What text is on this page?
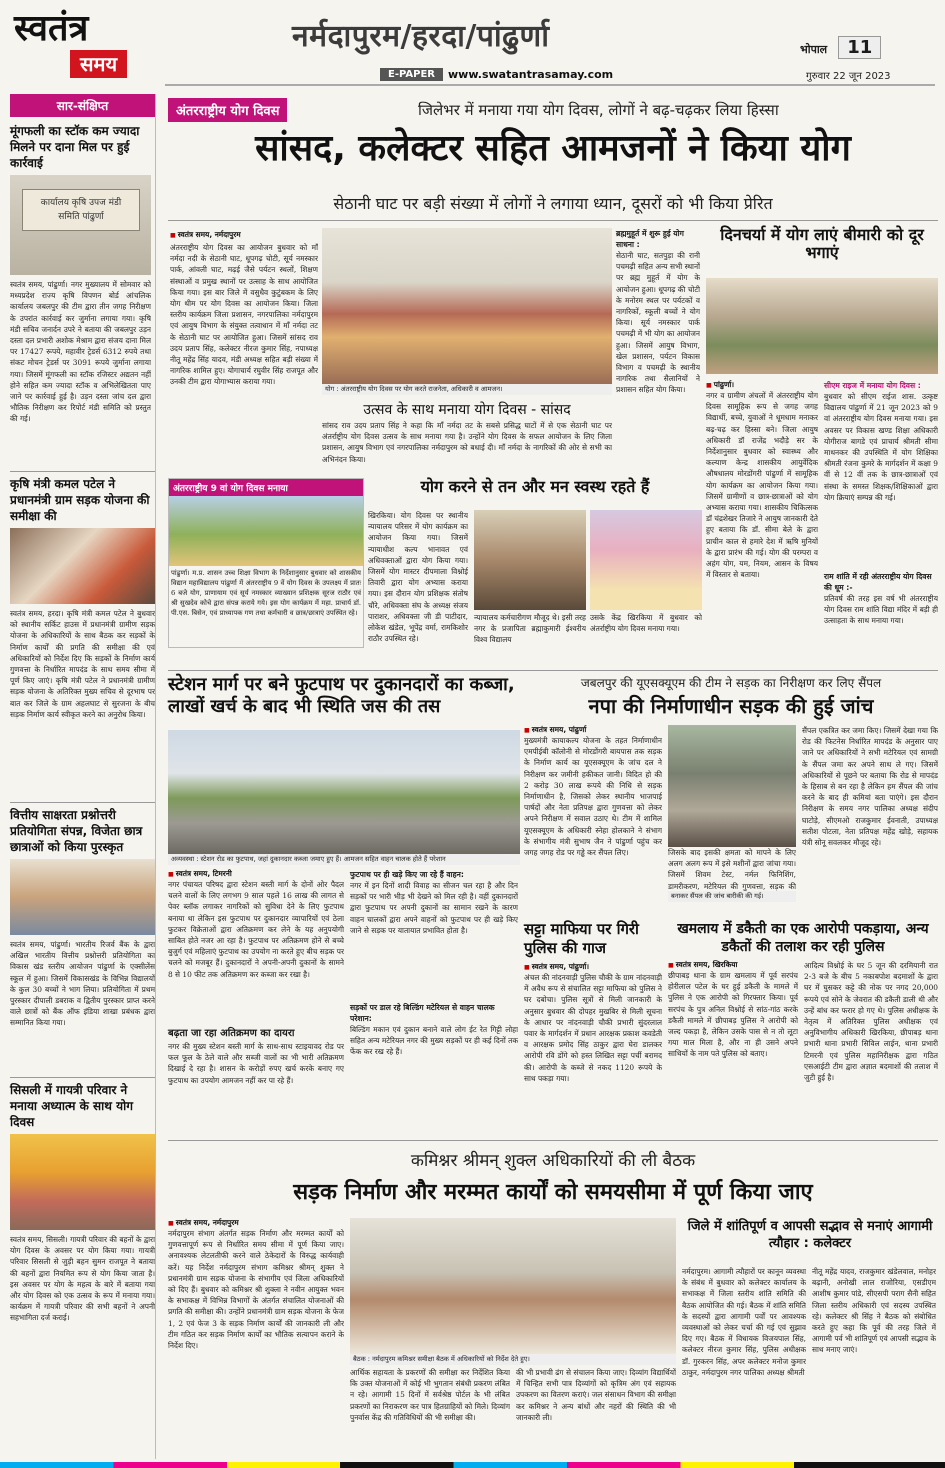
स्वतंत्र
समय
नर्मदापुरम/हरदा/पांढुर्णा
E-PAPER	www.swatantrasamay.com
भोपाल 11
गुरुवार 22 जून 2023
सार-संक्षिप्त
मूंगफली का स्टॉक कम ज्यादा मिलने पर दाना मिल पर हुई कार्रवाई
कार्यालय कृषि उपज मंडी समिति पांढुर्णा
स्वतंत्र समय, पांढुर्णा। नगर मुख्यालय में सोमवार को मध्यप्रदेश राज्य कृषि विपणन बोर्ड आंचलिक कार्यालय जबलपुर की टीम द्वारा तीन जगह निरीक्षण के उपरांत कार्रवाई कर जुर्माना लगाया गया। कृषि मंडी सचिव जनार्दन उपरे ने बताया की जबलपुर उड़न दस्ता दल प्रभारी अशोक मेश्राम द्वारा संजय दाना मिल पर 17427 रूपये, महावीर ट्रेडर्स 6312 रुपये तथा संकट मोचन ट्रेडर्स पर 3091 रूपये जुर्माना लगाया गया। जिसमें मूंगफली का स्टॉक रजिस्टर अद्यतन नहीं होने सहित कम ज्यादा स्टॉक व अभिलेखितता पाए जाने पर कार्रवाई हुई है। उड़न दस्ता जांच दल द्वारा भौतिक निरीक्षण कर रिपोर्ट मंडी समिति को प्रस्तुत की गई।
कृषि मंत्री कमल पटेल ने प्रधानमंत्री ग्राम सड़क योजना की समीक्षा की
स्वतंत्र समय, हरदा। कृषि मंत्री कमल पटेल ने बुधवार को स्थानीय सर्किट हाउस में प्रधानमंत्री ग्रामीण सड़क योजना के अधिकारियों के साथ बैठक कर सड़कों के निर्माण कार्यों की प्रगति की समीक्षा की एवं अधिकारियों को निर्देश दिए कि सड़कों के निर्माण कार्य गुणवत्ता के निर्धारित मापदंड के साथ समय सीमा में पूर्ण किए जाएं। कृषि मंत्री पटेल ने प्रधानमंत्री ग्रामीण सड़क योजना के अतिरिक्त मुख्य सचिव से दूरभाष पर बात कर जिले के ग्राम अहलघाट से सुरजना के बीच सड़क निर्माण कार्य स्वीकृत करने का अनुरोध किया।
वित्तीय साक्षरता प्रश्नोत्तरी प्रतियोगिता संपन्न, विजेता छात्र छात्राओं को किया पुरस्कृत
स्वतंत्र समय, पांढुर्णा। भारतीय रिजर्व बैंक के द्वारा अखिल भारतीय वित्तीय प्रश्नोत्तरी प्रतियोगिता का विकास खंड स्तरीय आयोजन पांढुर्णा के एक्सीलेंस स्कूल में हुआ। जिसमें विकासखंड के विभिन्न विद्यालयों के कुल 30 बच्चों ने भाग लिया। प्रतियोगिता में प्रथम पुरस्कार दीपाली डबराक व द्वितीय पुरस्कार प्राप्त करने वाले छात्रों को बैंक ऑफ इंडिया शाखा प्रबंधक द्वारा सम्मानित किया गया।
सिसली में गायत्री परिवार ने मनाया अध्यात्म के साथ योग दिवस
स्वतंत्र समय, सिसली। गायत्री परिवार की बहनों के द्वारा योग दिवस के अवसर पर योग किया गया। गायत्री परिवार सिसली से जुड़ी बहन सुमन राजपूत ने बताया की बहनों द्वारा नियमित रूप से योग किया जाता है। इस अवसर पर योग के महत्व के बारे में बताया गया और योग दिवस को एक उत्सव के रूप में मनाया गया। कार्यक्रम में गायत्री परिवार की सभी बहनों ने अपनी सहभागिता दर्ज कराई।
अंतरराष्ट्रीय योग दिवस	जिलेभर में मनाया गया योग दिवस, लोगों ने बढ़-चढ़कर लिया हिस्सा
सांसद, कलेक्टर सहित आमजनों ने किया योग
सेठानी घाट पर बड़ी संख्या में लोगों ने लगाया ध्यान, दूसरों को भी किया प्रेरित
■ स्वतंत्र समय, नर्मदापुरम
अंतरराष्ट्रीय योग दिवस का आयोजन बुधवार को माँ नर्मदा नदी के सेठानी घाट, धूपगढ़ चोटी, सूर्य नमस्कार पार्क, आंवली घाट, मढ़ई जैसे पर्यटन स्थलों, शिक्षण संस्थाओं व प्रमुख स्थानों पर उत्साह के साथ आयोजित किया गया। इस बार जिले में वसुधैव कुटुंबकम के लिए योग थीम पर योग दिवस का आयोजन किया। जिला स्तरीय कार्यक्रम जिला प्रशासन, नगरपालिका नर्मदापुरम एवं आयुष विभाग के संयुक्त तत्वाधान में माँ नर्मदा तट के सेठानी घाट पर आयोजित हुआ। जिसमें सांसद राव उदय प्रताप सिंह, कलेक्टर नीरज कुमार सिंह, नपाध्यक्ष नीतू महेंद्र सिंह यादव, मंडी अध्यक्ष सहित बड़ी संख्या में नागरिक शामिल हुए। योगाचार्य रघुवीर सिंह राजपूत और उनकी टीम द्वारा योगाभ्यास कराया गया।
योग : अंतरराष्ट्रीय योग दिवस पर योग करते राजनेता, अधिकारी व आमजन।
ब्रह्ममुहूर्त में शुरू हुई योग साधना :
सेठानी घाट, सतपुड़ा की रानी पचमढ़ी सहित अन्य सभी स्थानों पर ब्रह्म मुहूर्त में योग के आयोजन हुआ। धूपगढ़ की चोटी के मनोरम स्थल पर पर्यटकों व नागरिकों, स्कूली बच्चों ने योग किया। सूर्य नमस्कार पार्क पचमढ़ी में भी योग का आयोजन हुआ। जिसमें आयुष विभाग, खेल प्रशासन, पर्यटन विकास विभाग व पचमढ़ी के स्थानीय नागरिक तथा सैलानियों ने प्रशासन सहित योग किया।
उत्सव के साथ मनाया योग दिवस - सांसद
सांसद राव उदय प्रताप सिंह ने कहा कि माँ नर्मदा तट के सबसे प्रसिद्ध घाटों में से एक सेठानी घाट पर अंतर्राष्ट्रीय योग दिवस उत्सव के साथ मनाया गया है। उन्होंने योग दिवस के सफल आयोजन के लिए जिला प्रशासन, आयुष विभाग एवं नगरपालिका नर्मदापुरम को बधाई दी। माँ नर्मदा के नागरिकों की ओर से सभी का अभिनंदन किया।
दिनचर्या में योग लाएं बीमारी को दूर भगाएं
■ पांढुर्णा।
नगर व ग्रामीण अंचलों में अंतरराष्ट्रीय योग दिवस सामूहिक रूप से जगह जगह विद्यार्थी, बच्चे, युवाओं ने धूमधाम मनाकर बढ़-चढ़ कर हिस्सा बने। जिला आयुष अधिकारी डॉ राजेंद्र भदौड़े सर के निर्देशानुसार बुधवार को स्वास्थ्य और कल्याण केन्द्र शासकीय आयुर्वेदिक औषधालय मोरडोंगरी पांढुर्णा में सामूहिक योग कार्यक्रम का आयोजन किया गया। जिसमें ग्रामीणों व छात्र-छात्राओं को योग अभ्यास कराया गया। शासकीय चिकित्सक डॉ चंद्रशेखर तिजारे ने आयुष जानकारी देते हुए बताया कि डॉ. सीमा बेले के द्वारा प्राचीन काल से हमारे देश में ऋषि मुनियों के द्वारा प्रारंभ की गई। योग की परम्परा व अहंग योग, यम, नियम, आसन के विषय में विस्तार से बताया।
सीएम राइज में मनाया योग दिवस :
बुधवार को सीएम राईज शास. उत्कृष्ट विद्यालय पांढुर्णा में 21 जून 2023 को 9 वां अंतरराष्ट्रीय योग दिवस मनाया गया। इस अवसर पर विकास खण्ड शिक्षा अधिकारी योगीराज बागडे एवं प्राचार्य श्रीमती सीमा माथनकर की उपस्थिति में योग शिक्षिका श्रीमती रंजना कुमरे के मार्गदर्शन में कक्षा 9 वीं से 12 वीं तक के छात्र-छात्राओं एवं संस्था के समस्त शिक्षक/शिक्षिकाओं द्वारा योग क्रियाएं सम्पन्न की गई।
राम शांति में रही अंतरराष्ट्रीय योग दिवस की धूम :-
प्रतिवर्ष की तरह इस वर्ष भी अंतरराष्ट्रीय योग दिवस राम शांति विद्या मंदिर में बड़ी ही उत्साहता के साथ मनाया गया।
अंतरराष्ट्रीय 9 वां योग दिवस मनाया
पांढुर्णा। म.प्र. शासन उच्च शिक्षा विभाग के निर्देशानुसार बुधवार को शासकीय विद्यान महाविद्यालय पांढुर्णा में अंतरराष्ट्रीय 9 वें योग दिवस के उपलक्ष्य में प्रातः 6 बजे योग, प्राणायाम एवं सूर्य नमस्कार व्याख्यान प्रशिक्षक सूरज राठौर एवं श्री सुखदेव कोचे द्वारा संपन्न कराये गये। इस योग कार्यक्रम में महा. प्राचार्य डॉ. पी.एस. बिसेन, एवं प्राध्यापक गण तथा कर्मचारी व छात्र/छात्राएं उपस्थित रहे।
योग करने से तन और मन स्वस्थ रहते हैं
खिरकिया। योग दिवस पर स्थानीय न्यायालय परिसर में योग कार्यक्रम का आयोजन किया गया। जिसमें न्यायाधीश कल्प भानावत एवं अधिवक्ताओं द्वारा योग किया गया। जिसमें योग मास्टर दीपमाला विश्नोई तिवारी द्वारा योग अभ्यास कराया गया। इस दौरान योग प्रशिक्षक संतोष चौरे, अधिवक्ता संघ के अध्यक्ष संजय पाराशर, अधिवक्ता जी डी पाटीदार, लोकेश खंडेल, भूपेंद्र वर्मा, रामकिशोर राठौर उपस्थित रहे।
न्यायालय कर्मचारीगण मौजूद थे। इसी तरह नगर के प्रजापिता ब्रह्माकुमारी ईश्वरीय विश्व विद्यालय
उसके केंद्र खिरकिया में बुधवार को अंतर्राष्ट्रीय योग दिवस मनाया गया।
स्टेशन मार्ग पर बने फुटपाथ पर दुकानदारों का कब्जा, लाखों खर्च के बाद भी स्थिति जस की तस
अव्यवस्था : स्टेशन रोड का फुटपाथ, जहां दुकानदार कब्जा जमाए हुए हैं। आमजन सहित वाहन चालक होते हैं परेशान
■ स्वतंत्र समय, टिमरनी
नगर पंचायत परिषद द्वारा स्टेशन बस्ती मार्ग के दोनों ओर पैदल चलने वालों के लिए लगभग 9 साल पहले 16 लाख की लागत से पेवर ब्लॉक लगाकर नागरिकों को सुविधा देने के लिए फुटपाथ बनाया था लेकिन इस फुटपाथ पर दुकानदार व्यापारियों एवं ठेला फुटकर विक्रेताओं द्वारा अतिक्रमण कर लेने के यह अनुपयोगी साबित होते नजर आ रहा है। फुटपाथ पर अतिक्रमण होने से बच्चे बुजुर्ग एवं महिलाएं फुटपाथ का उपयोग ना करते हुए बीच सड़क पर चलने को मजबूर हैं। दुकानदारों ने अपनी-अपनी दुकानों के सामने 8 से 10 फीट तक अतिक्रमण कर कब्जा कर रखा है।
बढ़ता जा रहा अतिक्रमण का दायरा
नगर की मुख्य स्टेशन बस्ती मार्ग के साथ-साथ स्टाइयावद रोड पर फल फूल के ठेले वाले और सब्जी वालों का भी भारी अतिक्रमण दिखाई दे रहा है। शासन के करोड़ों रुपए खर्च करके बनाए गए फुटपाथ का उपयोग आमजन नहीं कर पा रहे हैं।
फुटपाथ पर ही खड़े किए जा रहे हैं वाहन:
नगर में इन दिनों शादी विवाह का सीजन चल रहा है और दिन सड़कों पर भारी भीड़ भी देखने को मिल रही है। वहीं दुकानदारों द्वारा फुटपाथ पर अपनी दुकानों का सामान रखने के कारण वाहन चालकों द्वारा अपने वाहनों को फुटपाथ पर ही खड़े किए जाने से सड़क पर यातायात प्रभावित होता है।
सड़कों पर डाल रहे बिल्डिंग मटेरियल से वाहन चालक परेशान:
बिल्डिंग मकान एवं दुकान बनाने वाले लोग ईट रेत गिट्टी लोहा सहित अन्य मटेरियल नगर की मुख्य सड़कों पर ही कई दिनों तक फेंक कर रख रहे हैं।
जबलपुर की यूएसक्यूएम की टीम ने सड़क का निरीक्षण कर लिए सैंपल
नपा की निर्माणाधीन सड़क की हुई जांच
■ स्वतंत्र समय, पांढुर्णा
मुख्यमंत्री कायाकल्प योजना के तहत निर्माणाधीन एमपीईबी कॉलोनी से मोरडोंगरी बायपास तक सड़क के निर्माण कार्य का यूएसक्यूएम के जांच दल ने निरीक्षण कर जमीनी हकीकत जानी। विदित हो की 2 करोड़ 30 लाख रूपये की निधि से सड़क निर्माणाधीन है, जिसको लेकर स्थानीय भाजपाई पार्षदों और नेता प्रतिपक्ष द्वारा गुणवत्ता को लेकर अपने निरीक्षण में सवाल उठाए थे। टीम में शामिल यूएसक्यूएम के अधिकारी स्नेहा होलकाने ने संभाग के संभागीय मंत्री सुभाष जैन ने पांढुर्णा पहुंच कर जगह जगह रोड पर गड्ढे कर सैंपल लिए।	जिसके बाद इसकी क्षमता को मापने के लिए अलग अलग रूप में इसे मशीनों द्वारा जांचा गया। जिसमें शिवम टेस्ट, नर्मल फिनिशिंग, डामरीकरण, मटेरियल की गुणवत्ता, सड़क की
बनाकर सैंपल की जांच बारीकी की गई।
सैंपल एकत्रित कर जमा किए। जिसमें देखा गया कि रोड की फिटनेस निर्धारित मापदंड के अनुसार पाए जाने पर अधिकारियों ने सभी मटेरियल एवं सामग्री के सैंपल जमा कर अपने साथ ले गए। जिसमें अधिकारियों से पूछने पर बताया कि रोड से मापदंड के हिसाब से बन रहा है लेकिन हम सैंपल की जांच करने के बाद ही कमियां बता पाएंगे। इस दौरान निरीक्षण के समय नगर पालिका अध्यक्ष संदीप घाटोड़े, सीएमओ राजकुमार ईवनाती, उपाध्यक्ष सतीश पोटला, नेता प्रतिपक्ष महेंद्र खोड़े, सहायक यंत्री सोनू सवलकर मौजूद रहे।
सट्टा माफिया पर गिरी पुलिस की गाज
■ स्वतंत्र समय, पांढुर्णा।
अंचल की नांदनवाड़ी पुलिस चौकी के ग्राम नांदनवाड़ी में अवैध रूप से संचालित सट्टा माफिया को पुलिस ने घर दबोचा। पुलिस सूत्रों से मिली जानकारी के अनुसार बुधवार की दोपहर मुखबिर से मिली सूचना के आधार पर नांदनवाड़ी चौकी प्रभारी सुंदरलाल पवार के मार्गदर्शन में प्रधान आरक्षक प्रकाश कवडेती व आरक्षक प्रमोद सिंह ठाकुर द्वारा घेरा डालकर आरोपी रवि डोंगे को हस्त लिखित सट्टा पर्ची बरामद की। आरोपी के कब्जे से नकद 1120 रूपये के साथ पकड़ा गया।
खमलाय में डकैती का एक आरोपी पकड़ाया, अन्य डकैतों की तलाश कर रही पुलिस
■ स्वतंत्र समय, खिरकिया
छीपाबड़ थाना के ग्राम खमलाय में पूर्व सरपंच होरीलाल पटेल के घर हुई डकैती के मामले में पुलिस ने एक आरोपी को गिरफ्तार किया। पूर्व सरपंच के पुत्र अनिल विश्नोई से सांठ-गांठ करके डकैती मामले में छीपाबड़ पुलिस ने आरोपी को जल्द पकड़ा है, लेकिन उसके पास से न तो लूटा गया माल मिला है, और ना ही उसने अपने साथियों के नाम पते पुलिस को बताए।
आदित्य विश्नोई के घर 5 जून की दरमियानी रात 2-3 बजे के बीच 5 नकाबपोश बदमाशों के द्वारा घर में घुसकर कट्टे की नोक पर नगद 20,000 रूपये एवं सोने के जेवरात की डकैती डाली थी और उन्हें बांध कर फरार हो गए थे। पुलिस अधीक्षक के नेतृत्व में अतिरिक्त पुलिस अधीक्षक एवं अनुविभागीय अधिकारी खिरकिया, छीपाबड़ थाना प्रभारी थाना प्रभारी सिविल लाईन, थाना प्रभारी टिमरनी एवं पुलिस महानिरीक्षक द्वारा गठित एसआईटी टीम द्वारा अज्ञात बदमाशों की तलाश में जुटी हुई है।
कमिश्नर श्रीमन् शुक्ल अधिकारियों की ली बैठक
सड़क निर्माण और मरम्मत कार्यों को समयसीमा में पूर्ण किया जाए
■ स्वतंत्र समय, नर्मदापुरम
नर्मदापुरम संभाग अंतर्गत सड़क निर्माण और मरम्मत कार्यों को गुणवत्तापूर्ण रूप से निर्धारित समय सीमा में पूर्ण किया जाए। अनावश्यक लेटलतीफी करने वाले ठेकेदारों के विरुद्ध कार्यवाही करें। यह निर्देश नर्मदापुरम संभाग कमिश्नर श्रीमन् शुक्ल ने प्रधानमंत्री ग्राम सड़क योजना के संभागीय एवं जिला अधिकारियों को दिए हैं। बुधवार को कमिश्नर श्री शुक्ला ने नवीन आयुक्त भवन के सभाकक्ष में विभिन्न विभागों के अंतर्गत संचालित योजनाओं की प्रगति की समीक्षा की। उन्होंने प्रधानमंत्री ग्राम सड़क योजना के फेज 1, 2 एवं फेज 3 के सड़क निर्माण कार्यों की जानकारी ली और टीम गठित कर सड़क निर्माण कार्यों का भौतिक सत्यापन कराने के निर्देश दिए।
बैठक : नर्मदापुरम कमिश्नर समीक्षा बैठक में अधिकारियों को निर्देश देते हुए।
आर्थिक सहायता के प्रकरणों की समीक्षा कर निर्देशित किया कि उक्त योजनाओं में कोई भी भुगतान संबंधी प्रकरण लंबित न रहे। आगामी 15 दिनों में सर्वश्रेष्ठ पोर्टल के भी लंबित प्रकरणों का निराकरण कर पात्र हितग्राहियों को मिले। दिव्यांग पुनर्वास केंद्र की गतिविधियों की भी समीक्षा की।
की भी प्रभावी ढंग से संचालन किया जाए। दिव्यांग विद्यार्थियों में चिन्हित सभी पात्र दिव्यांगों को कृत्रिम अंग एवं सहायक उपकरण का वितरण कराएं। जल संसाधन विभाग की समीक्षा कर कमिश्नर ने अन्य बांधों और नहरों की स्थिति की भी जानकारी ली।
जिले में शांतिपूर्ण व आपसी सद्भाव से मनाएं आगामी त्यौहार : कलेक्टर
नर्मदापुरम। आगामी त्यौहारों पर कानून व्यवस्था के संबंध में बुधवार को कलेक्टर कार्यालय के सभाकक्ष में जिला स्तरीय शांति समिति की बैठक आयोजित की गई। बैठक में शांति समिति के सदस्यों द्वारा आगामी पर्वों पर आवश्यक व्यवस्थाओं को लेकर चर्चा की गई एवं सुझाव दिए गए। बैठक में विधायक विजयपाल सिंह, कलेक्टर नीरज कुमार सिंह, पुलिस अधीक्षक डॉ. गुरकरन सिंह, अपर कलेक्टर मनोज कुमार ठाकुर, नर्मदापुरम नगर पालिका अध्यक्ष श्रीमती
नीतू महेंद्र यादव, राजकुमार खंडेलवाल, मनोहर बढ़ानी, अनोखी लाल राजोरिया, एसडीएम आशीष कुमार पांडे, सीएसपी पराग सैनी सहित जिला स्तरीय अधिकारी एवं सदस्य उपस्थित रहे। कलेक्टर श्री सिंह ने बैठक को संबोधित करते हुए कहा कि पूर्व की तरह जिले में आगामी पर्व भी शांतिपूर्ण एवं आपसी सद्भाव के साथ मनाए जाएं।
